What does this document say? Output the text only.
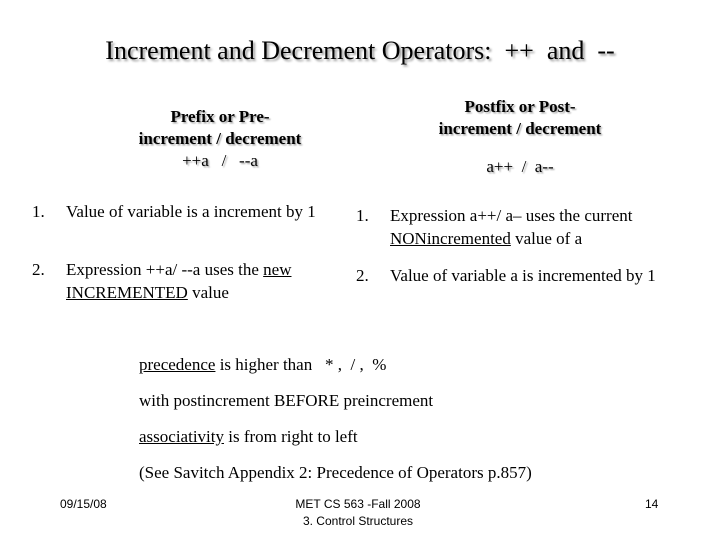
Increment and Decrement Operators:  ++  and  --
Prefix or Pre-
increment / decrement
++a   /   --a
Postfix or Post-
increment / decrement
a++  /  a--
1. Value of variable is a increment by 1
2. Expression ++a/ --a uses the new INCREMENTED value
1. Expression a++/ a– uses the current NONincremented value of a
2. Value of variable a is incremented by 1
precedence is higher than   * ,  / ,  %
with postincrement BEFORE preincrement
associativity is from right to left
(See Savitch Appendix 2: Precedence of Operators p.857)
09/15/08	MET CS 563 -Fall 2008
3. Control Structures
14
